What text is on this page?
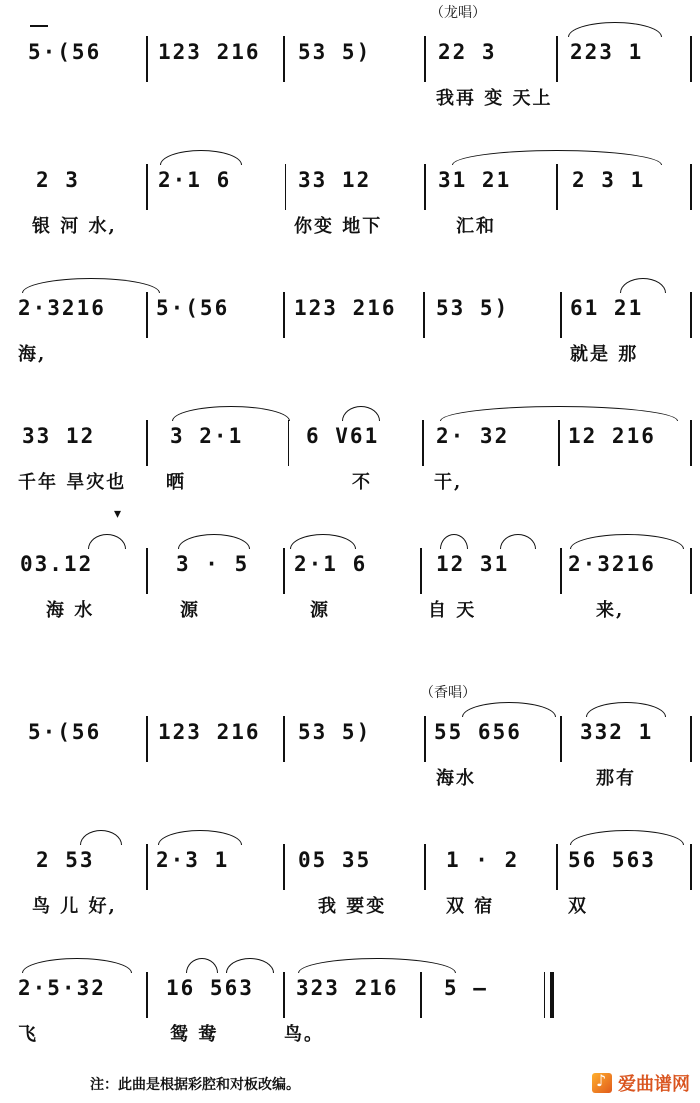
（龙唱）
5·(56	123 216 53 5)	22 3	223 1
我再 变 天上
2 3	2·1 6	33 12	31 21	2 3 1
银 河 水,	你变 地下	汇和
2·3216 5·(56	123 216 53 5)	61 21
海,	就是 那
33 12	3 2·1	6 V61	2· 32	12 216
千年 旱灾也 晒	不	干,
▾
03.12	3 · 5 2·1 6	12 31	2·3216
海 水	源	源	自 天	来,
（香唱）
5·(56	123 216 53 5)	55 656	332 1
海水	那有
2 53	2·3 1	05 35	1 · 2 56 563
鸟 儿 好,	我 要变	双 宿	双
2·5·32	16 563 323 216 5 —
飞	鸳 鸯	鸟。
注：此曲是根据彩腔和对板改编。
♪	爱曲谱网
